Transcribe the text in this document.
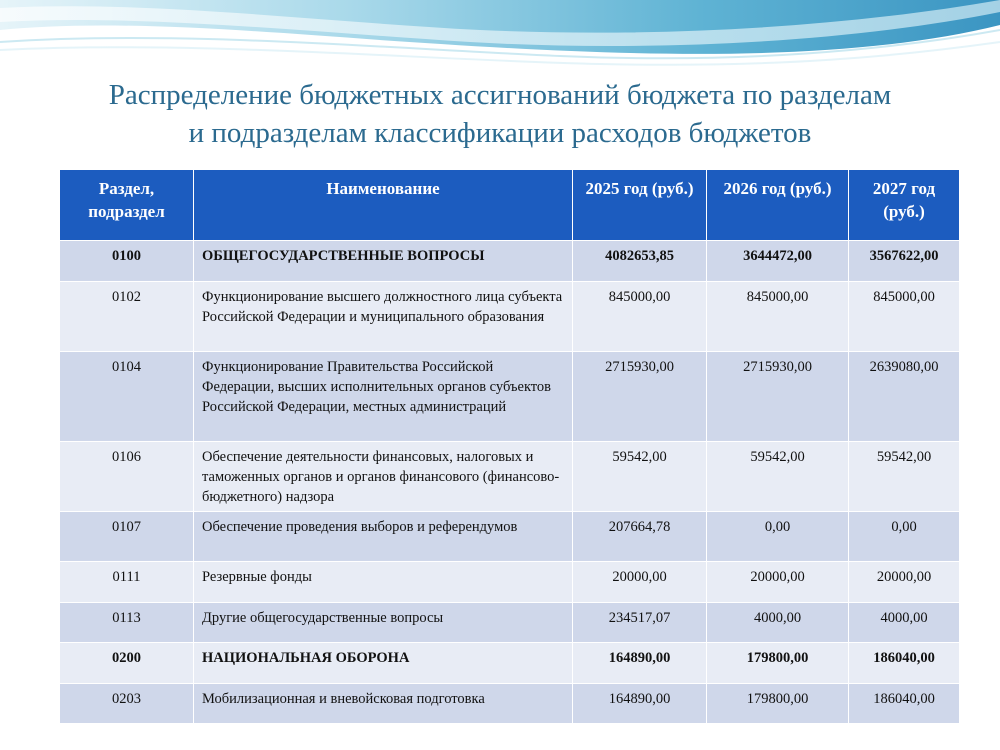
Распределение бюджетных ассигнований бюджета по разделам
и подразделам классификации расходов бюджетов
Раздел, подраздел	Наименование	2025 год (руб.)	2026 год (руб.)	2027 год (руб.)
0100	ОБЩЕГОСУДАРСТВЕННЫЕ ВОПРОСЫ	4082653,85	3644472,00	3567622,00
0102	Функционирование высшего должностного лица субъекта Российской Федерации и муниципального образования	845000,00	845000,00	845000,00
0104	Функционирование Правительства Российской Федерации, высших исполнительных органов субъектов Российской Федерации, местных администраций	2715930,00	2715930,00	2639080,00
0106	Обеспечение деятельности финансовых, налоговых и таможенных органов и органов финансового (финансово-бюджетного) надзора	59542,00	59542,00	59542,00
0107	Обеспечение проведения выборов и референдумов	207664,78	0,00	0,00
0111	Резервные фонды	20000,00	20000,00	20000,00
0113	Другие общегосударственные вопросы	234517,07	4000,00	4000,00
0200	НАЦИОНАЛЬНАЯ ОБОРОНА	164890,00	179800,00	186040,00
0203	Мобилизационная и вневойсковая подготовка	164890,00	179800,00	186040,00
